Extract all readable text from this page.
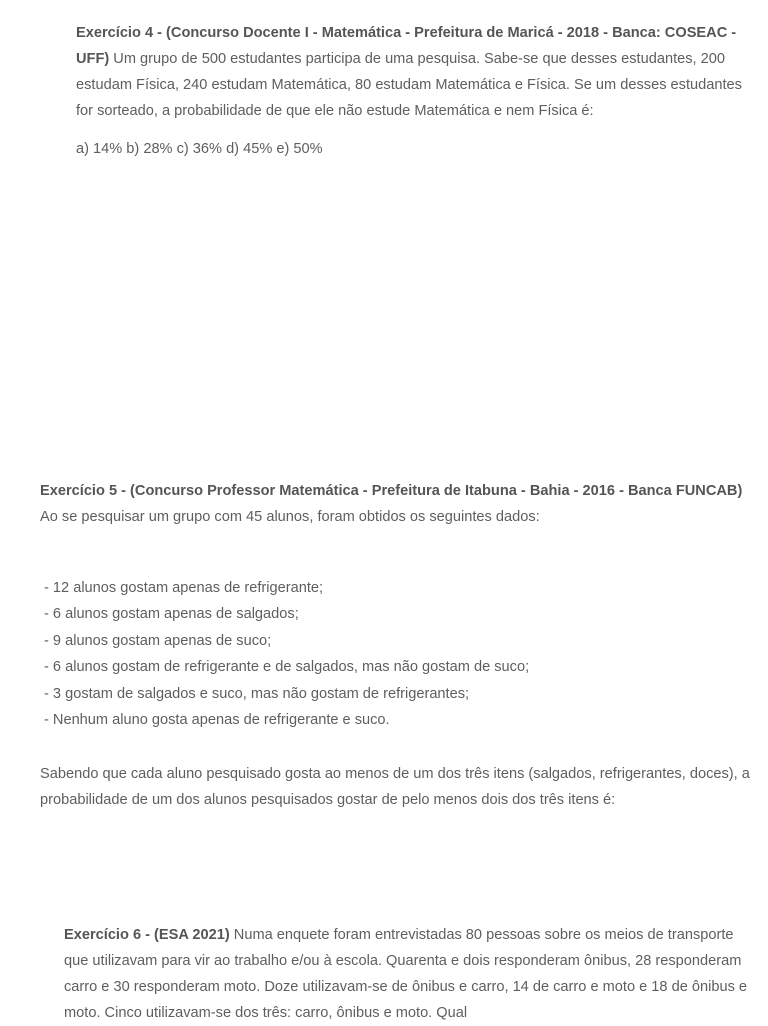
Exercício 4 - (Concurso Docente I - Matemática - Prefeitura de Maricá - 2018 - Banca: COSEAC - UFF) Um grupo de 500 estudantes participa de uma pesquisa. Sabe-se que desses estudantes, 200 estudam Física, 240 estudam Matemática, 80 estudam Matemática e Física. Se um desses estudantes for sorteado, a probabilidade de que ele não estude Matemática e nem Física é:

a) 14% b) 28% c) 36% d) 45% e) 50%

Exercício 5 - (Concurso Professor Matemática - Prefeitura de Itabuna - Bahia - 2016 - Banca FUNCAB) Ao se pesquisar um grupo com 45 alunos, foram obtidos os seguintes dados:

- 12 alunos gostam apenas de refrigerante;
- 6 alunos gostam apenas de salgados;
- 9 alunos gostam apenas de suco;
- 6 alunos gostam de refrigerante e de salgados, mas não gostam de suco;
- 3 gostam de salgados e suco, mas não gostam de refrigerantes;
- Nenhum aluno gosta apenas de refrigerante e suco.

Sabendo que cada aluno pesquisado gosta ao menos de um dos três itens (salgados, refrigerantes, doces), a probabilidade de um dos alunos pesquisados gostar de pelo menos dois dos três itens é:

Exercício 6 - (ESA 2021) Numa enquete foram entrevistadas 80 pessoas sobre os meios de transporte que utilizavam para vir ao trabalho e/ou à escola. Quarenta e dois responderam ônibus, 28 responderam carro e 30 responderam moto. Doze utilizavam-se de ônibus e carro, 14 de carro e moto e 18 de ônibus e moto. Cinco utilizavam-se dos três: carro, ônibus e moto. Qual
